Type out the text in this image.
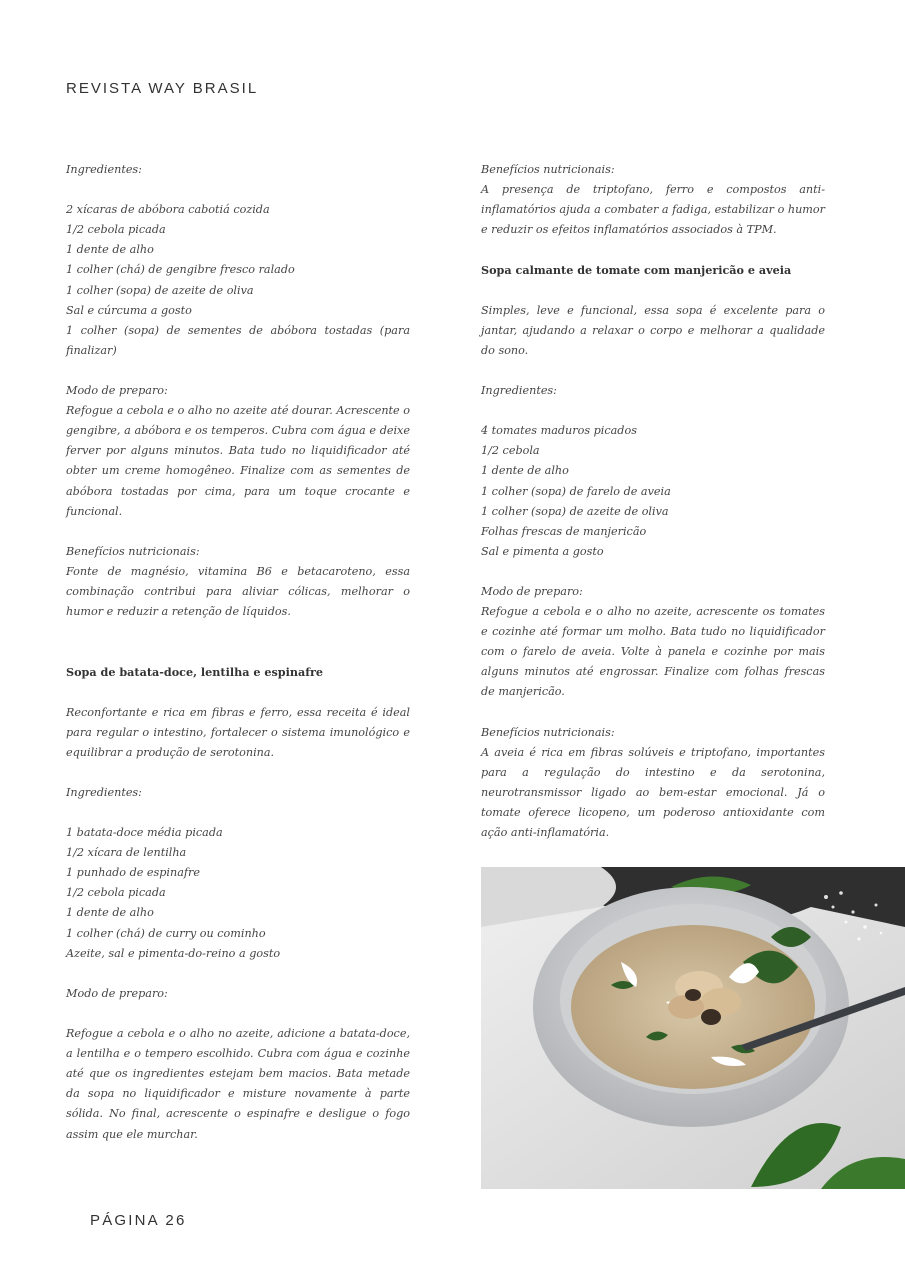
REVISTA WAY BRASIL

Ingredientes:

2 xícaras de abóbora cabotiá cozida
1/2 cebola picada
1 dente de alho
1 colher (chá) de gengibre fresco ralado
1 colher (sopa) de azeite de oliva
Sal e cúrcuma a gosto
1 colher (sopa) de sementes de abóbora tostadas (para finalizar)

Modo de preparo:

Refogue a cebola e o alho no azeite até dourar. Acrescente o gengibre, a abóbora e os temperos. Cubra com água e deixe ferver por alguns minutos. Bata tudo no liquidificador até obter um creme homogêneo. Finalize com as sementes de abóbora tostadas por cima, para um toque crocante e funcional.

Benefícios nutricionais:

Fonte de magnésio, vitamina B6 e betacaroteno, essa combinação contribui para aliviar cólicas, melhorar o humor e reduzir a retenção de líquidos.

Sopa de batata-doce, lentilha e espinafre

Reconfortante e rica em fibras e ferro, essa receita é ideal para regular o intestino, fortalecer o sistema imunológico e equilibrar a produção de serotonina.

Ingredientes:

1 batata-doce média picada
1/2 xícara de lentilha
1 punhado de espinafre
1/2 cebola picada
1 dente de alho
1 colher (chá) de curry ou cominho
Azeite, sal e pimenta-do-reino a gosto

Modo de preparo:

Refogue a cebola e o alho no azeite, adicione a batata-doce, a lentilha e o tempero escolhido. Cubra com água e cozinhe até que os ingredientes estejam bem macios. Bata metade da sopa no liquidificador e misture novamente à parte sólida. No final, acrescente o espinafre e desligue o fogo assim que ele murchar.

Benefícios nutricionais:

A presença de triptofano, ferro e compostos anti-inflamatórios ajuda a combater a fadiga, estabilizar o humor e reduzir os efeitos inflamatórios associados à TPM.

Sopa calmante de tomate com manjericão e aveia

Simples, leve e funcional, essa sopa é excelente para o jantar, ajudando a relaxar o corpo e melhorar a qualidade do sono.

Ingredientes:

4 tomates maduros picados
1/2 cebola
1 dente de alho
1 colher (sopa) de farelo de aveia
1 colher (sopa) de azeite de oliva
Folhas frescas de manjericão
Sal e pimenta a gosto

Modo de preparo:

Refogue a cebola e o alho no azeite, acrescente os tomates e cozinhe até formar um molho. Bata tudo no liquidificador com o farelo de aveia. Volte à panela e cozinhe por mais alguns minutos até engrossar. Finalize com folhas frescas de manjericão.

Benefícios nutricionais:

A aveia é rica em fibras solúveis e triptofano, importantes para a regulação do intestino e da serotonina, neurotransmissor ligado ao bem-estar emocional. Já o tomate oferece licopeno, um poderoso antioxidante com ação anti-inflamatória.

PÁGINA 26
